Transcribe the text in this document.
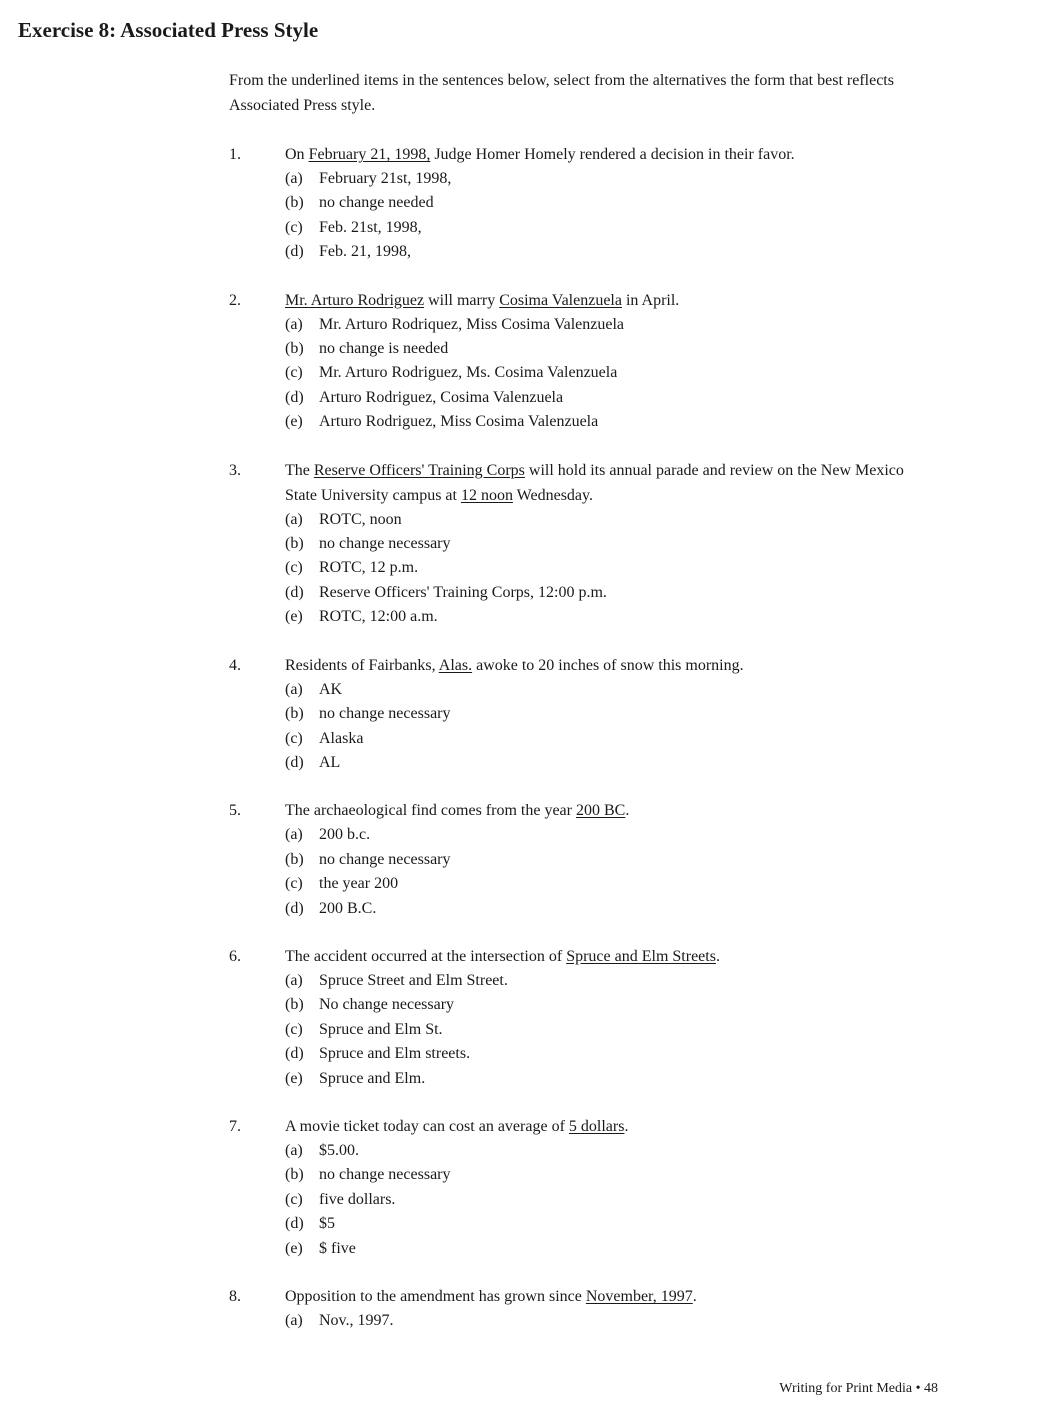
Exercise 8: Associated Press Style

From the underlined items in the sentences below, select from the alternatives the form that best reflects Associated Press style.

1.	On February 21, 1998, Judge Homer Homely rendered a decision in their favor.
(a)	February 21st, 1998,
(b) no change needed
(c)	Feb. 21st, 1998,
(d) Feb. 21, 1998,
2.	Mr. Arturo Rodriguez will marry Cosima Valenzuela in April.
(a)	Mr. Arturo Rodriquez, Miss Cosima Valenzuela
(b) no change is needed
(c)	Mr. Arturo Rodriguez, Ms. Cosima Valenzuela
(d) Arturo Rodriguez, Cosima Valenzuela
(e)	Arturo Rodriguez, Miss Cosima Valenzuela
3.	The Reserve Officers' Training Corps will hold its annual parade and review on the New Mexico State University campus at 12 noon Wednesday.
(a)	ROTC, noon
(b) no change necessary
(c)	ROTC, 12 p.m.
(d) Reserve Officers' Training Corps, 12:00 p.m.
(e)	ROTC, 12:00 a.m.
4.	Residents of Fairbanks, Alas. awoke to 20 inches of snow this morning.
(a)	AK
(b) no change necessary
(c)	Alaska
(d) AL
5.	The archaeological find comes from the year 200 BC.
(a)	200 b.c.
(b) no change necessary
(c)	the year 200
(d) 200 B.C.
6.	The accident occurred at the intersection of Spruce and Elm Streets.
(a)	Spruce Street and Elm Street.
(b) No change necessary
(c)	Spruce and Elm St.
(d) Spruce and Elm streets.
(e)	Spruce and Elm.
7.	A movie ticket today can cost an average of 5 dollars.
(a)	$5.00.
(b) no change necessary
(c)	five dollars.
(d) $5
(e)	$ five
8.	Opposition to the amendment has grown since November, 1997.
(a)	Nov., 1997.
Writing for Print Media • 48
